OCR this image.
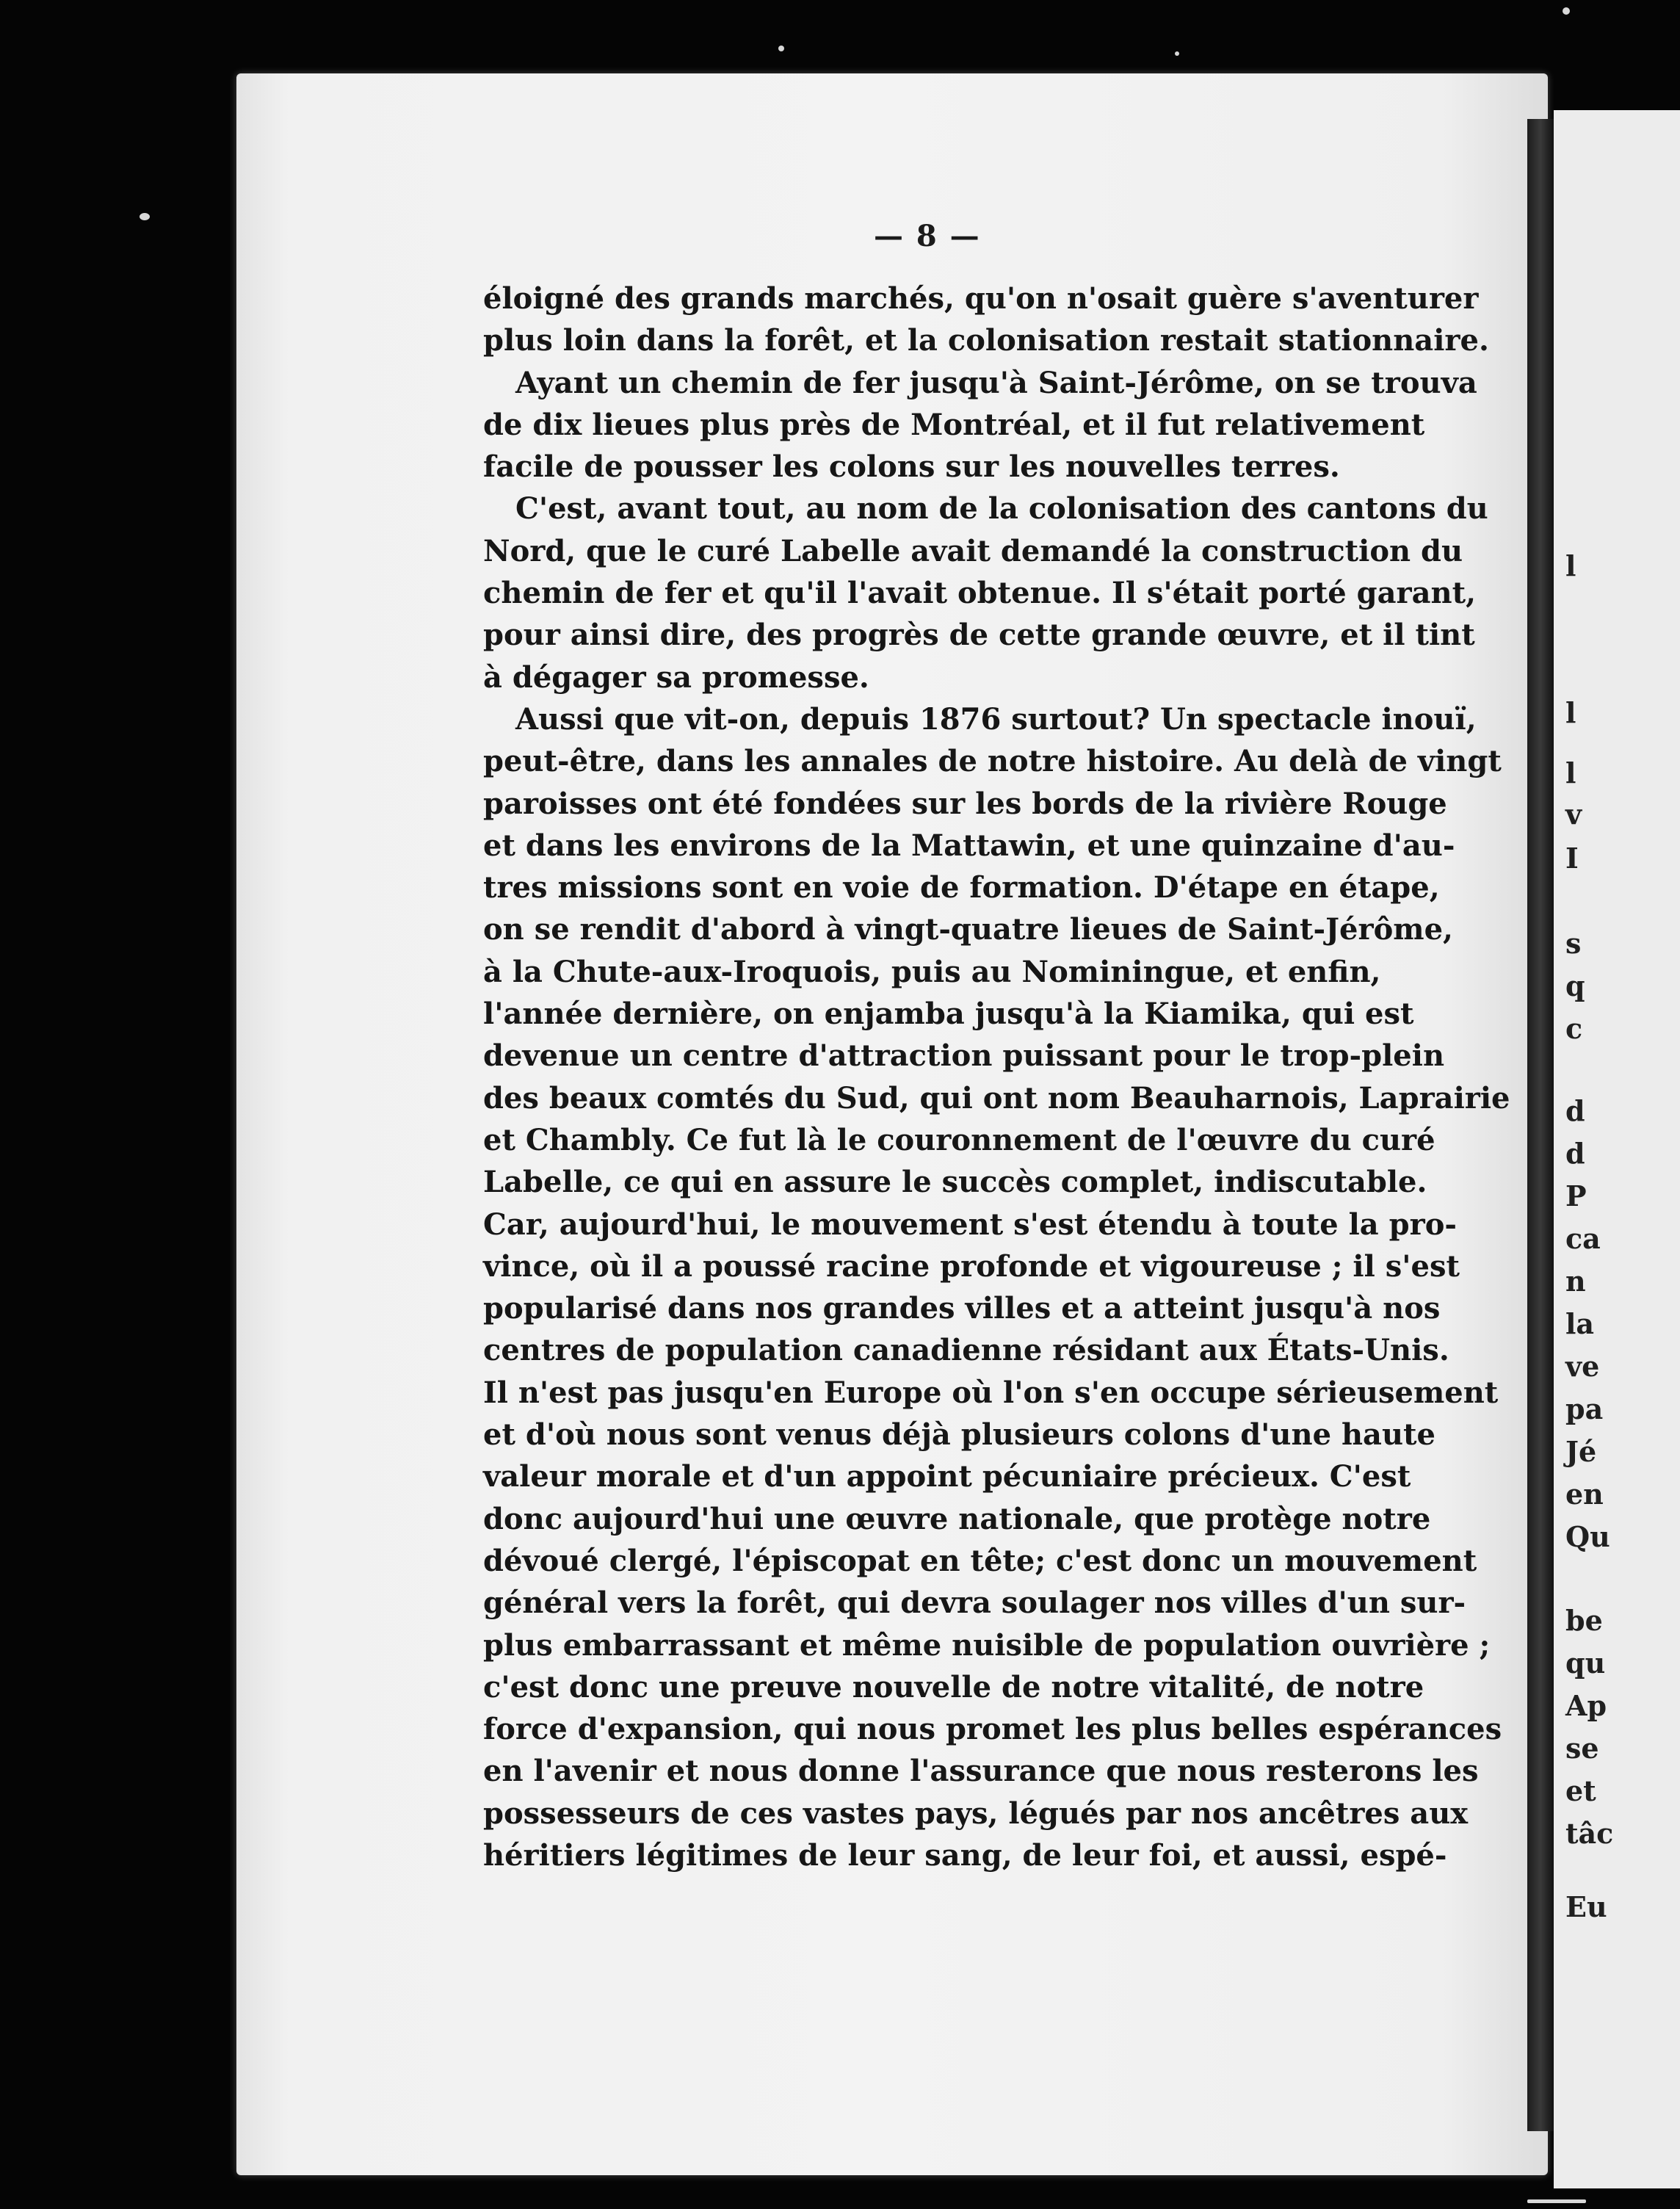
— 8 —
éloigné des grands marchés, qu'on n'osait guère s'aventurer
plus loin dans la forêt, et la colonisation restait stationnaire.
Ayant un chemin de fer jusqu'à Saint-Jérôme, on se trouva
de dix lieues plus près de Montréal, et il fut relativement
facile de pousser les colons sur les nouvelles terres.
C'est, avant tout, au nom de la colonisation des cantons du
Nord, que le curé Labelle avait demandé la construction du
chemin de fer et qu'il l'avait obtenue. Il s'était porté garant,
pour ainsi dire, des progrès de cette grande œuvre, et il tint
à dégager sa promesse.
Aussi que vit-on, depuis 1876 surtout? Un spectacle inouï,
peut-être, dans les annales de notre histoire. Au delà de vingt
paroisses ont été fondées sur les bords de la rivière Rouge
et dans les environs de la Mattawin, et une quinzaine d'au-
tres missions sont en voie de formation. D'étape en étape,
on se rendit d'abord à vingt-quatre lieues de Saint-Jérôme,
à la Chute-aux-Iroquois, puis au Nominingue, et enfin,
l'année dernière, on enjamba jusqu'à la Kiamika, qui est
devenue un centre d'attraction puissant pour le trop-plein
des beaux comtés du Sud, qui ont nom Beauharnois, Laprairie
et Chambly. Ce fut là le couronnement de l'œuvre du curé
Labelle, ce qui en assure le succès complet, indiscutable.
Car, aujourd'hui, le mouvement s'est étendu à toute la pro-
vince, où il a poussé racine profonde et vigoureuse ; il s'est
popularisé dans nos grandes villes et a atteint jusqu'à nos
centres de population canadienne résidant aux États-Unis.
Il n'est pas jusqu'en Europe où l'on s'en occupe sérieusement
et d'où nous sont venus déjà plusieurs colons d'une haute
valeur morale et d'un appoint pécuniaire précieux. C'est
donc aujourd'hui une œuvre nationale, que protège notre
dévoué clergé, l'épiscopat en tête; c'est donc un mouvement
général vers la forêt, qui devra soulager nos villes d'un sur-
plus embarrassant et même nuisible de population ouvrière ;
c'est donc une preuve nouvelle de notre vitalité, de notre
force d'expansion, qui nous promet les plus belles espérances
en l'avenir et nous donne l'assurance que nous resterons les
possesseurs de ces vastes pays, légués par nos ancêtres aux
héritiers légitimes de leur sang, de leur foi, et aussi, espé-
l
l
l
v
I
s
q
c
d
d
P
ca
n
la
ve
pa
Jé
en
Qu
be
qu
Ap
se
et
tâc
Eu
